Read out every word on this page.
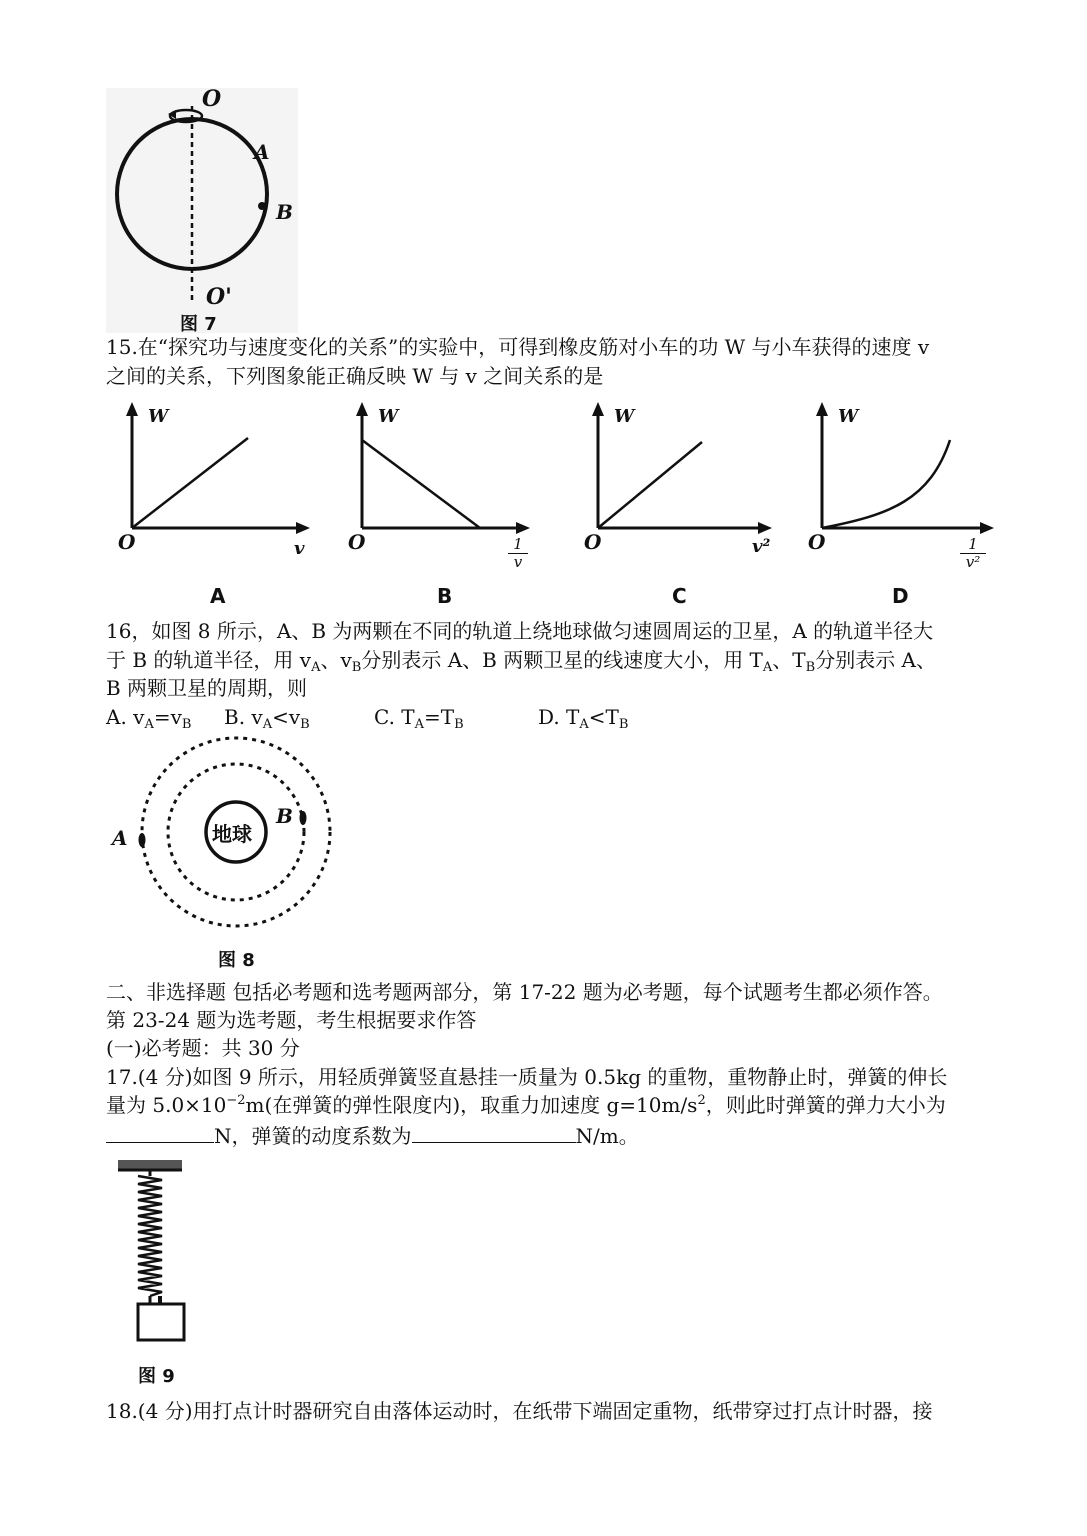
O
A
B
O'
图 7
15.在“探究功与速度变化的关系”的实验中，可得到橡皮筋对小车的功 W 与小车获得的速度 v
之间的关系，下列图象能正确反映 W 与 v 之间关系的是
W
O	v
A
W
O	$\frac{1}{v}$
B
W
O	v²
C
W
O	$\frac{1}{\text{v²}}$
D
16，如图 8 所示，A、B 为两颗在不同的轨道上绕地球做匀速圆周运的卫星，A 的轨道半径大
于 B 的轨道半径，用 $v_A$、$v_B$分别表示 A、B 两颗卫星的线速度大小，用 $T_A$、$T_B$分别表示 A、
B 两颗卫星的周期，则
A. $v_A=v_B$ B. $v_A<v_B$	C. $T_A=T_B$	D. $T_A<T_B$
地球
A
B
图 8
二、非选择题 包括必考题和选考题两部分，第 17-22 题为必考题，每个试题考生都必须作答。
第 23-24 题为选考题，考生根据要求作答
(一)必考题：共 30 分
17.(4 分)如图 9 所示，用轻质弹簧竖直悬挂一质量为 0.5kg 的重物，重物静止时，弹簧的伸长
量为 $5.0\times 10^{-2}m$(在弹簧的弹性限度内)，取重力加速度 $g=10m/s^2$，则此时弹簧的弹力大小为
N，弹簧的动度系数为	N/m。
图 9
18.(4 分)用打点计时器研究自由落体运动时，在纸带下端固定重物，纸带穿过打点计时器，接
